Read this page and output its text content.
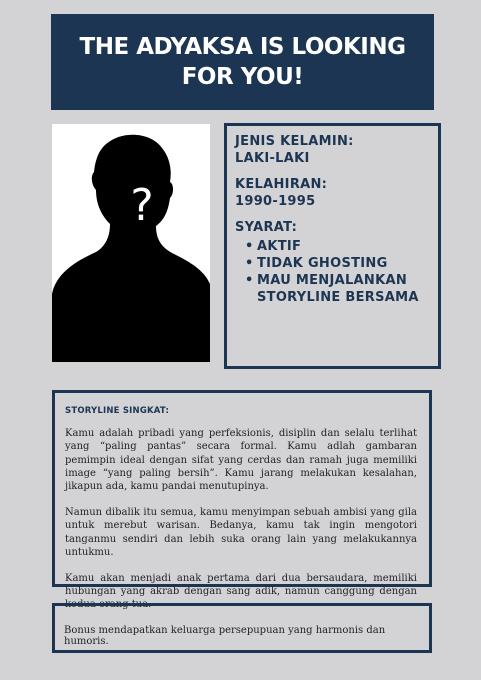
THE ADYAKSA IS LOOKING
FOR YOU!
?
JENIS KELAMIN:
LAKI-LAKI
KELAHIRAN:
1990-1995
SYARAT:
• AKTIF
• TIDAK GHOSTING
• MAU MENJALANKAN STORYLINE BERSAMA
STORYLINE SINGKAT:

Kamu adalah pribadi yang perfeksionis, disiplin dan selalu terlihat yang “paling pantas” secara formal. Kamu adlah gambaran pemimpin ideal dengan sifat yang cerdas dan ramah juga memiliki image “yang paling bersih”. Kamu jarang melakukan kesalahan, jikapun ada, kamu pandai menutupinya.

Namun dibalik itu semua, kamu menyimpan sebuah ambisi yang gila untuk merebut warisan. Bedanya, kamu tak ingin mengotori tanganmu sendiri dan lebih suka orang lain yang melakukannya untukmu.

Kamu akan menjadi anak pertama dari dua bersaudara, memiliki hubungan yang akrab dengan sang adik, namun canggung dengan kedua orang tua.

Bonus mendapatkan keluarga persepupuan yang harmonis dan humoris.
